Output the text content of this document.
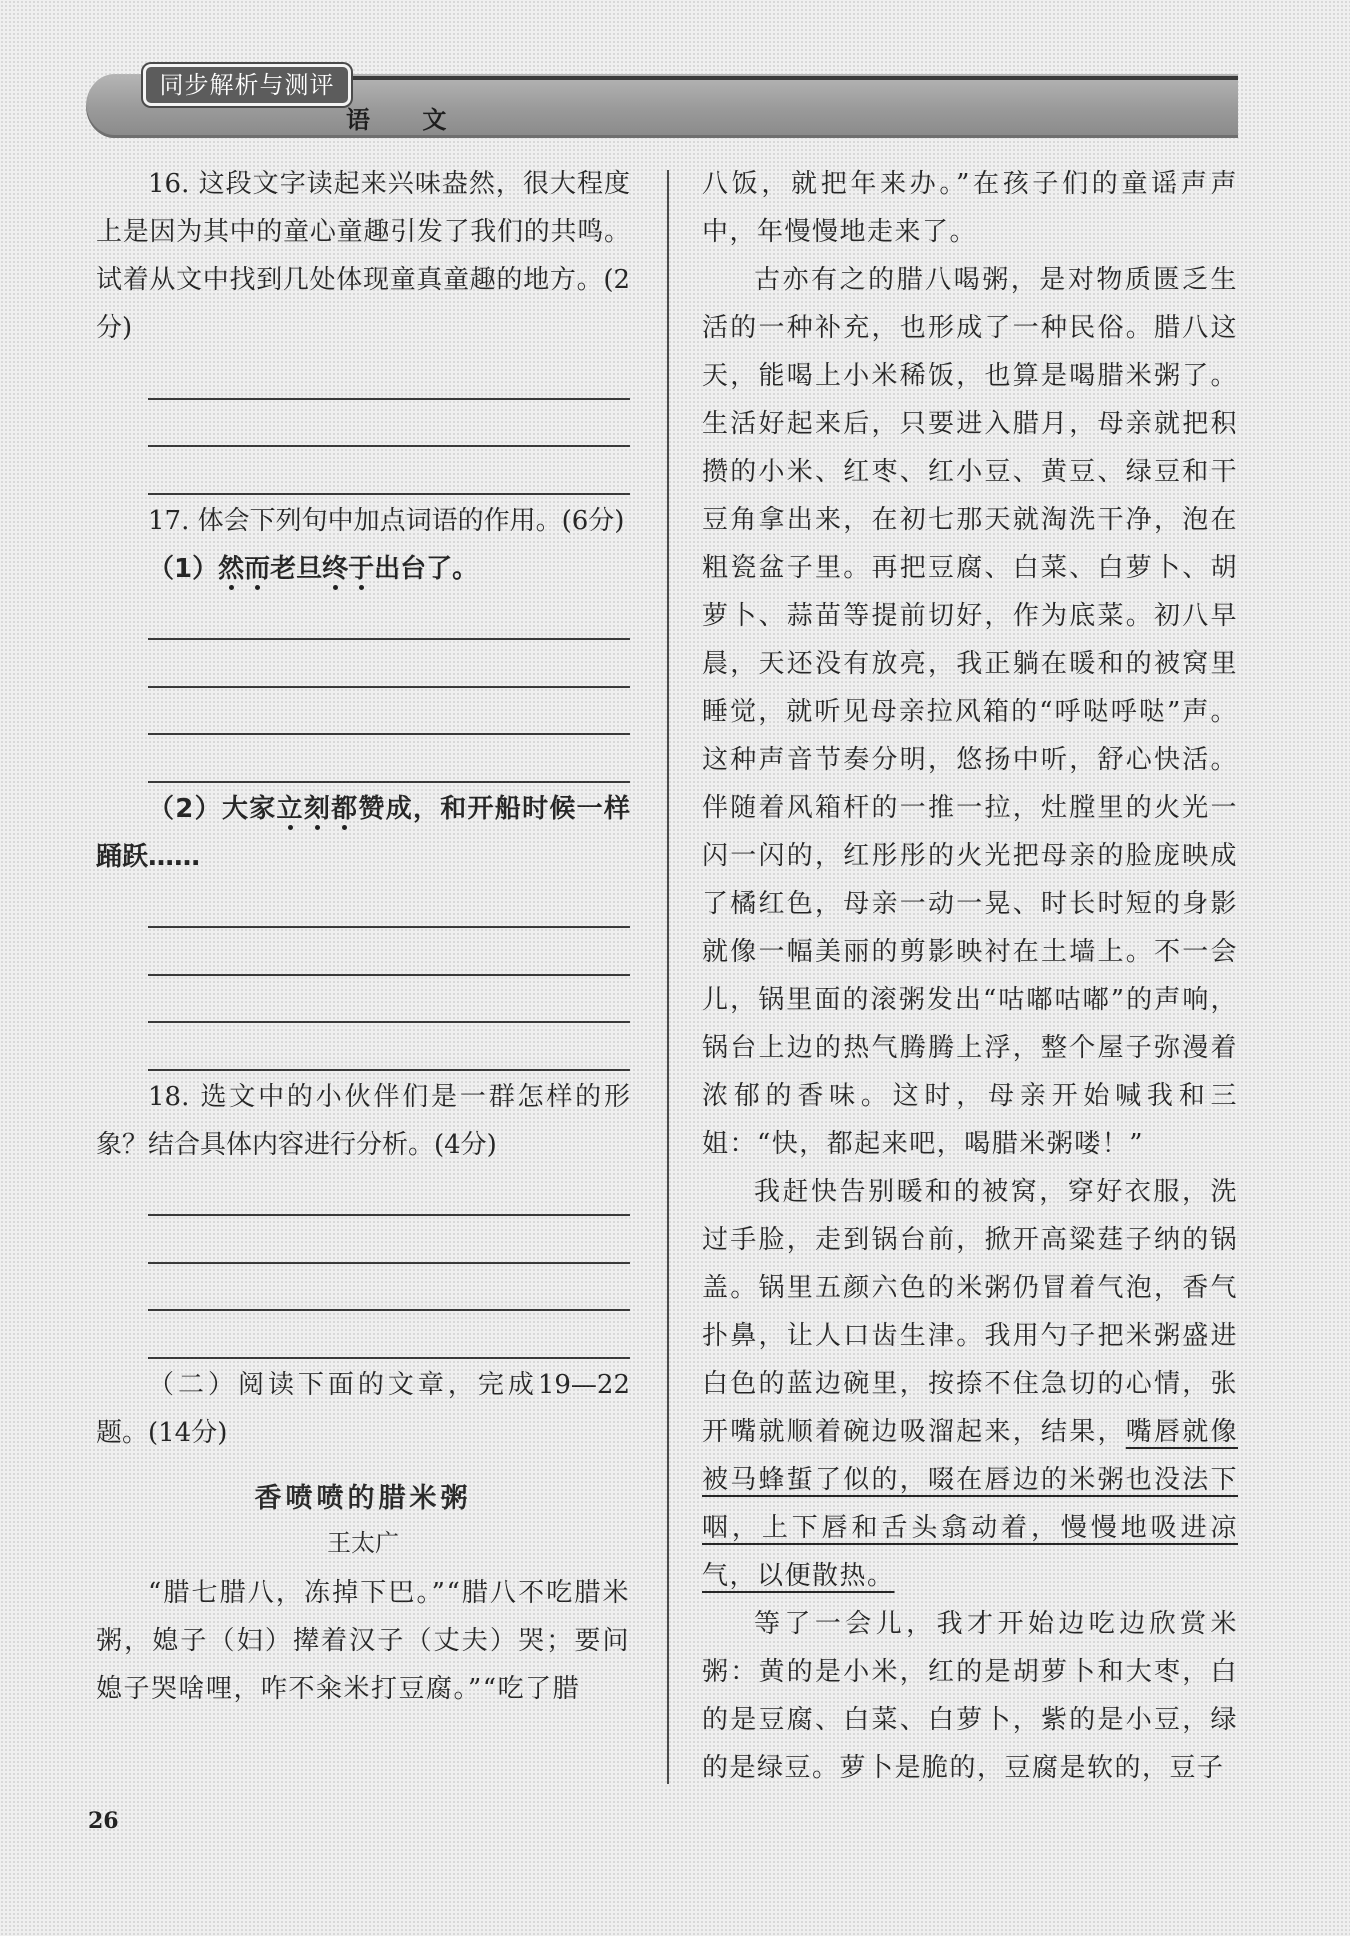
同步解析与测评
语 文

16. 这段文字读起来兴味盎然，很大程度上是因为其中的童心童趣引发了我们的共鸣。试着从文中找到几处体现童真童趣的地方。(2分)

17. 体会下列句中加点词语的作用。(6分)

（1）然而老旦终于出台了。

（2）大家立刻都赞成，和开船时候一样踊跃……

18. 选文中的小伙伴们是一群怎样的形象？结合具体内容进行分析。(4分)

（二）阅读下面的文章，完成19—22题。(14分)

香喷喷的腊米粥
王太广

“腊七腊八，冻掉下巴。”“腊八不吃腊米粥，媳子（妇）撵着汉子（丈夫）哭；要问媳子哭啥哩，咋不籴米打豆腐。”“吃了腊

八饭，就把年来办。”在孩子们的童谣声声中，年慢慢地走来了。

古亦有之的腊八喝粥，是对物质匮乏生活的一种补充，也形成了一种民俗。腊八这天，能喝上小米稀饭，也算是喝腊米粥了。生活好起来后，只要进入腊月，母亲就把积攒的小米、红枣、红小豆、黄豆、绿豆和干豆角拿出来，在初七那天就淘洗干净，泡在粗瓷盆子里。再把豆腐、白菜、白萝卜、胡萝卜、蒜苗等提前切好，作为底菜。初八早晨，天还没有放亮，我正躺在暖和的被窝里睡觉，就听见母亲拉风箱的“呼哒呼哒”声。这种声音节奏分明，悠扬中听，舒心快活。伴随着风箱杆的一推一拉，灶膛里的火光一闪一闪的，红彤彤的火光把母亲的脸庞映成了橘红色，母亲一动一晃、时长时短的身影就像一幅美丽的剪影映衬在土墙上。不一会儿，锅里面的滚粥发出“咕嘟咕嘟”的声响，锅台上边的热气腾腾上浮，整个屋子弥漫着浓郁的香味。这时，母亲开始喊我和三姐：“快，都起来吧，喝腊米粥喽！”

我赶快告别暖和的被窝，穿好衣服，洗过手脸，走到锅台前，掀开高粱莛子纳的锅盖。锅里五颜六色的米粥仍冒着气泡，香气扑鼻，让人口齿生津。我用勺子把米粥盛进白色的蓝边碗里，按捺不住急切的心情，张开嘴就顺着碗边吸溜起来，结果，嘴唇就像被马蜂蜇了似的，啜在唇边的米粥也没法下咽，上下唇和舌头翕动着，慢慢地吸进凉气，以便散热。

等了一会儿，我才开始边吃边欣赏米粥：黄的是小米，红的是胡萝卜和大枣，白的是豆腐、白菜、白萝卜，紫的是小豆，绿的是绿豆。萝卜是脆的，豆腐是软的，豆子

26
